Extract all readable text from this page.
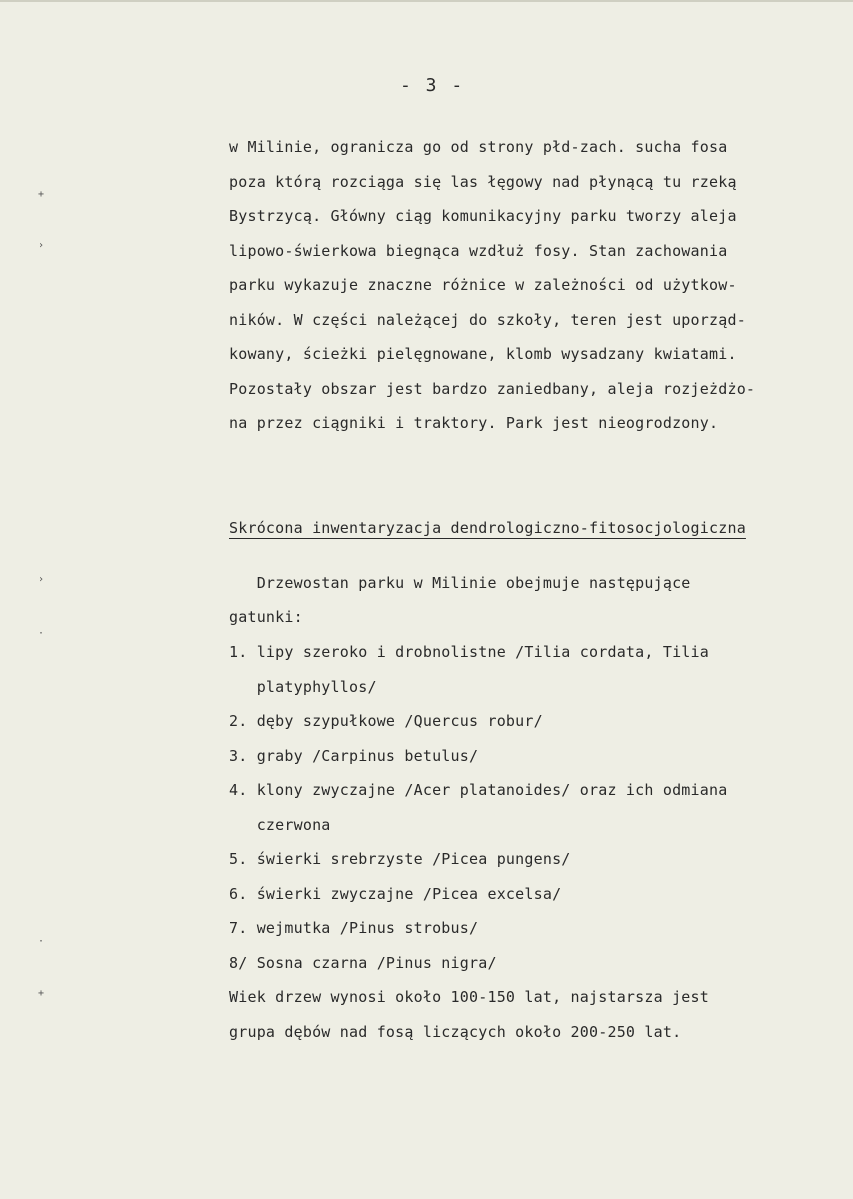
+
›
›
·
·
+
- 3 -
w Milinie, ogranicza go od strony płd-zach. sucha fosa
poza którą rozciąga się las łęgowy nad płynącą tu rzeką
Bystrzycą. Główny ciąg komunikacyjny parku tworzy aleja
lipowo-świerkowa biegnąca wzdłuż fosy. Stan zachowania
parku wykazuje znaczne różnice w zależności od użytkow-
ników. W części należącej do szkoły, teren jest uporząd-
kowany, ścieżki pielęgnowane, klomb wysadzany kwiatami.
Pozostały obszar jest bardzo zaniedbany, aleja rozjeżdżo-
na przez ciągniki i traktory. Park jest nieogrodzony.
Skrócona inwentaryzacja dendrologiczno-fitosocjologiczna
Drzewostan parku w Milinie obejmuje następujące
gatunki:
1. lipy szeroko i drobnolistne /Tilia cordata, Tilia
platyphyllos/
2. dęby szypułkowe /Quercus robur/
3. graby /Carpinus betulus/
4. klony zwyczajne /Acer platanoides/ oraz ich odmiana
czerwona
5. świerki srebrzyste /Picea pungens/
6. świerki zwyczajne /Picea excelsa/
7. wejmutka /Pinus strobus/
8/ Sosna czarna /Pinus nigra/
Wiek drzew wynosi około 100-150 lat, najstarsza jest
grupa dębów nad fosą liczących około 200-250 lat.
